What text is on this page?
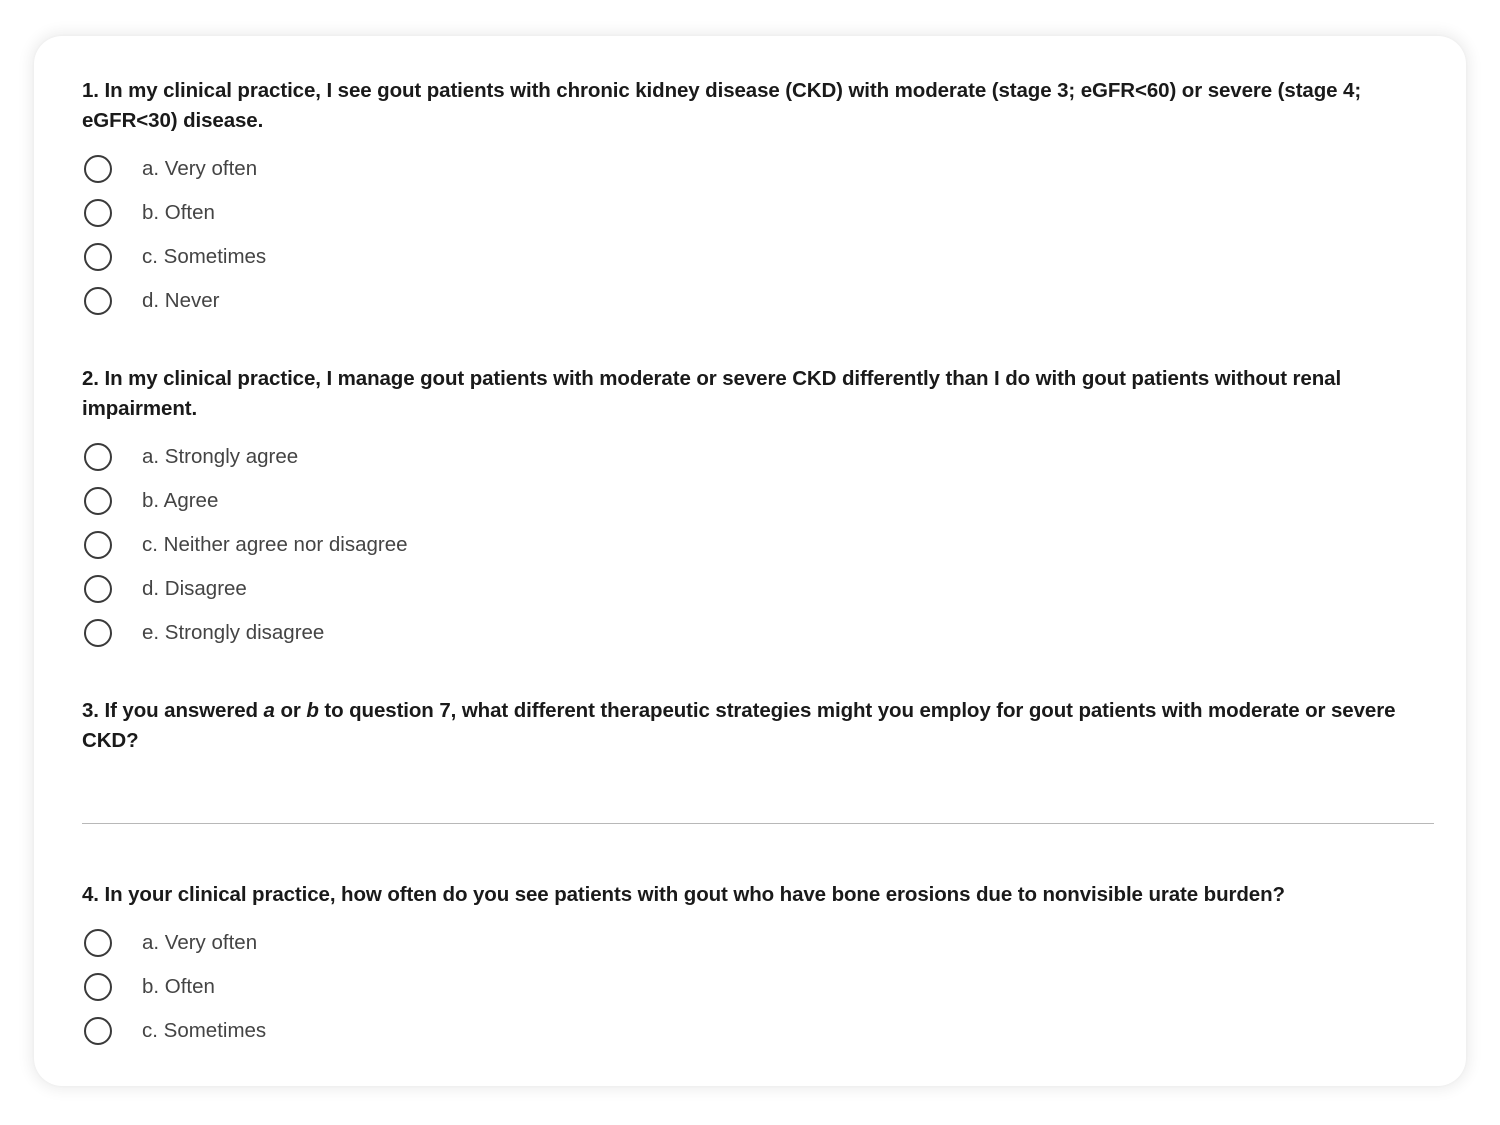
1. In my clinical practice, I see gout patients with chronic kidney disease (CKD) with moderate (stage 3; eGFR<60) or severe (stage 4; eGFR<30) disease.

a. Very often
b. Often
c. Sometimes
d. Never

2. In my clinical practice, I manage gout patients with moderate or severe CKD differently than I do with gout patients without renal impairment.

a. Strongly agree
b. Agree
c. Neither agree nor disagree
d. Disagree
e. Strongly disagree

3. If you answered a or b to question 7, what different therapeutic strategies might you employ for gout patients with moderate or severe CKD?

4. In your clinical practice, how often do you see patients with gout who have bone erosions due to nonvisible urate burden?

a. Very often
b. Often
c. Sometimes
